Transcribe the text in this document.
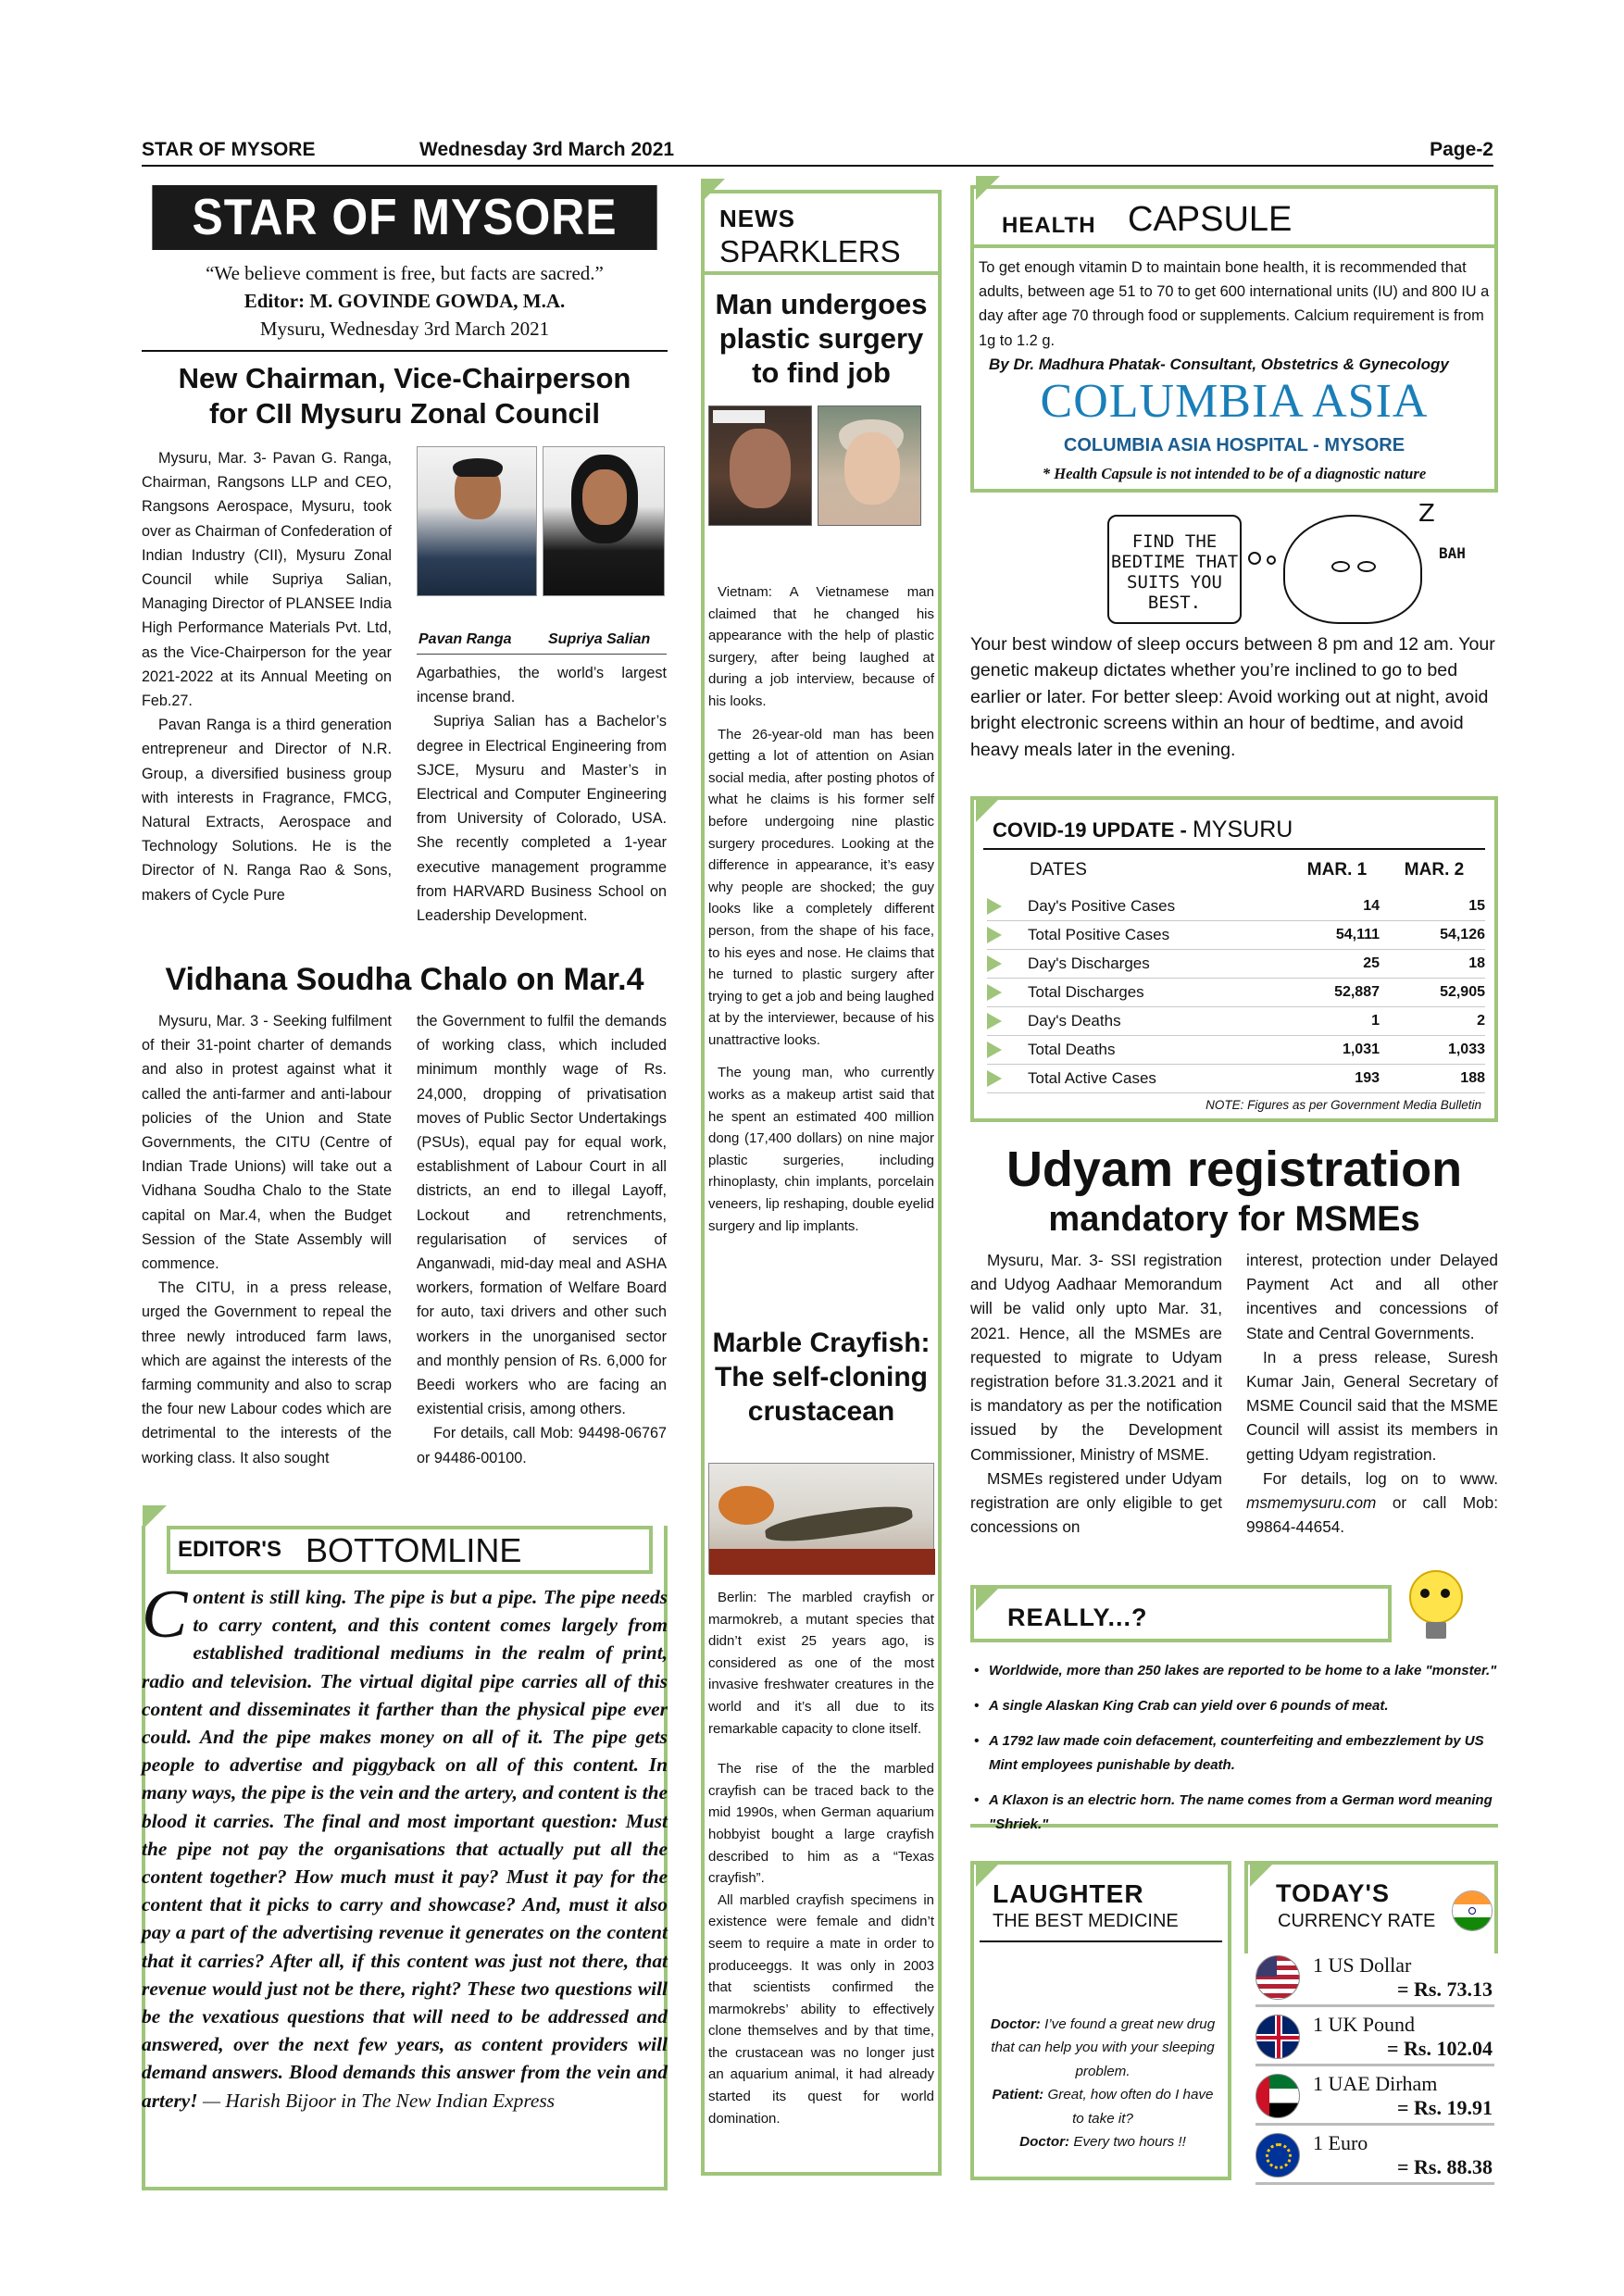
STAR OF MYSORE	Wednesday 3rd March 2021	Page-2
STAR OF MYSORE
“We believe comment is free, but facts are sacred.”
Editor: M. GOVINDE GOWDA, M.A.
Mysuru, Wednesday 3rd March 2021
New Chairman, Vice-Chairperson
for CII Mysuru Zonal Council

Mysuru, Mar. 3- Pavan G. Ranga, Chairman, Rangsons LLP and CEO, Rangsons Aerospace, Mysuru, took over as Chairman of Confederation of Indian Industry (CII), Mysuru Zonal Council while Supriya Salian, Managing Director of PLANSEE India High Performance Materials Pvt. Ltd, as the Vice-Chairperson for the year 2021-2022 at its Annual Meeting on Feb.27.

Pavan Ranga is a third generation entrepreneur and Director of N.R. Group, a diversified business group with interests in Fragrance, FMCG, Natural Extracts, Aerospace and Technology Solutions. He is the Director of N. Ranga Rao & Sons, makers of Cycle Pure

Pavan Ranga Supriya Salian

Agarbathies, the world’s largest incense brand.

Supriya Salian has a Bachelor’s degree in Electrical Engineering from SJCE, Mysuru and Master’s in Electrical and Computer Engineering from University of Colorado, USA. She recently completed a 1-year executive management programme from HARVARD Business School on Leadership Development.

Vidhana Soudha Chalo on Mar.4

Mysuru, Mar. 3 - Seeking fulfilment of their 31-point charter of demands and also in protest against what it called the anti-farmer and anti-labour policies of the Union and State Governments, the CITU (Centre of Indian Trade Unions) will take out a Vidhana Soudha Chalo to the State capital on Mar.4, when the Budget Session of the State Assembly will commence.

The CITU, in a press release, urged the Government to repeal the three newly introduced farm laws, which are against the interests of the farming community and also to scrap the four new Labour codes which are detrimental to the interests of the working class. It also sought

the Government to fulfil the demands of working class, which included minimum monthly wage of Rs. 24,000, dropping of privatisation moves of Public Sector Undertakings (PSUs), equal pay for equal work, establishment of Labour Court in all districts, an end to illegal Layoff, Lockout and retrenchments, regularisation of services of Anganwadi, mid-day meal and ASHA workers, formation of Welfare Board for auto, taxi drivers and other such workers in the unorganised sector and monthly pension of Rs. 6,000 for Beedi workers who are facing an existential crisis, among others.

For details, call Mob: 94498-06767 or 94486-00100.

EDITOR'S BOTTOMLINE
C ontent is still king. The pipe is but a pipe. The pipe needs to carry content, and this content comes largely from established traditional mediums in the realm of print, radio and television. The virtual digital pipe carries all of this content and disseminates it farther than the physical pipe ever could. And the pipe makes money on all of it. The pipe gets people to advertise and piggyback on all of this content. In many ways, the pipe is the vein and the artery, and content is the blood it carries. The final and most important question: Must the pipe not pay the organisations that actually put all the content together? How much must it pay? Must it pay for the content that it picks to carry and showcase? And, must it also pay a part of the advertising revenue it generates on the content that it carries? After all, if this content was just not there, that revenue would just not be there, right? These two questions will be the vexatious questions that will need to be addressed and answered, over the next few years, as content providers will demand answers. Blood demands this answer from the vein and artery! — Harish Bijoor in The New Indian Express
NEWS
SPARKLERS
Man undergoes plastic surgery to find job

Vietnam: A Vietnamese man claimed that he changed his appearance with the help of plastic surgery, after being laughed at during a job interview, because of his looks.

The 26-year-old man has been getting a lot of attention on Asian social media, after posting photos of what he claims is his former self before undergoing nine plastic surgery procedures. Looking at the difference in appearance, it’s easy why people are shocked; the guy looks like a completely different person, from the shape of his face, to his eyes and nose. He claims that he turned to plastic surgery after trying to get a job and being laughed at by the interviewer, because of his unattractive looks.

The young man, who currently works as a makeup artist said that he spent an estimated 400 million dong (17,400 dollars) on nine major plastic surgeries, including rhinoplasty, chin implants, porcelain veneers, lip reshaping, double eyelid surgery and lip implants.

Marble Crayfish: The self-cloning crustacean

Berlin: The marbled crayfish or marmokreb, a mutant species that didn’t exist 25 years ago, is considered as one of the most invasive freshwater creatures in the world and it’s all due to its remarkable capacity to clone itself.

The rise of the the marbled crayfish can be traced back to the mid 1990s, when German aquarium hobbyist bought a large crayfish described to him as a “Texas crayfish”.

All marbled crayfish specimens in existence were female and didn’t seem to require a mate in order to produceeggs. It was only in 2003 that scientists confirmed the marmokrebs’ ability to effectively clone themselves and by that time, the crustacean was no longer just an aquarium animal, it had already started its quest for world domination.

HEALTH CAPSULE
To get enough vitamin D to maintain bone health, it is recommended that adults, between age 51 to 70 to get 600 international units (IU) and 800 IU a day after age 70 through food or supplements. Calcium requirement is from 1g to 1.2 g.
By Dr. Madhura Phatak- Consultant, Obstetrics & Gynecology
COLUMBIA ASIA
COLUMBIA ASIA HOSPITAL - MYSORE
* Health Capsule is not intended to be of a diagnostic nature
FIND THE BEDTIME THAT SUITS YOU BEST.
Z
BAH
Your best window of sleep occurs between 8 pm and 12 am. Your genetic makeup dictates whether you’re inclined to go to bed earlier or later. For better sleep: Avoid working out at night, avoid bright electronic screens within an hour of bedtime, and avoid heavy meals later in the evening.
COVID-19 UPDATE - MYSURU
DATES	MAR. 1	MAR. 2
Day's Positive Cases	14	15
Total Positive Cases	54,111	54,126
Day's Discharges	25	18
Total Discharges	52,887	52,905
Day's Deaths	1	2
Total Deaths	1,031	1,033
Total Active Cases	193	188
NOTE: Figures as per Government Media Bulletin
Udyam registration
mandatory for MSMEs

Mysuru, Mar. 3- SSI registration and Udyog Aadhaar Memorandum will be valid only upto Mar. 31, 2021. Hence, all the MSMEs are requested to migrate to Udyam registration before 31.3.2021 and it is mandatory as per the notification issued by the Development Commissioner, Ministry of MSME.

MSMEs registered under Udyam registration are only eligible to get concessions on

interest, protection under Delayed Payment Act and all other incentives and concessions of State and Central Governments.

In a press release, Suresh Kumar Jain, General Secretary of MSME Council said that the MSME Council will assist its members in getting Udyam registration.

For details, log on to www. msmemysuru.com or call Mob: 99864-44654.

REALLY...?
• Worldwide, more than 250 lakes are reported to be home to a lake "monster."
• A single Alaskan King Crab can yield over 6 pounds of meat.
• A 1792 law made coin defacement, counterfeiting and embezzlement by US Mint employees punishable by death.
• A Klaxon is an electric horn. The name comes from a German word meaning "Shriek."
LAUGHTER
THE BEST MEDICINE

Doctor: I’ve found a great new drug that can help you with your sleeping problem.

Patient: Great, how often do I have to take it?

Doctor: Every two hours !!

TODAY'S
CURRENCY RATE
1 US Dollar
= Rs. 73.13
1 UK Pound
= Rs. 102.04
1 UAE Dirham
= Rs. 19.91
1 Euro
= Rs. 88.38
